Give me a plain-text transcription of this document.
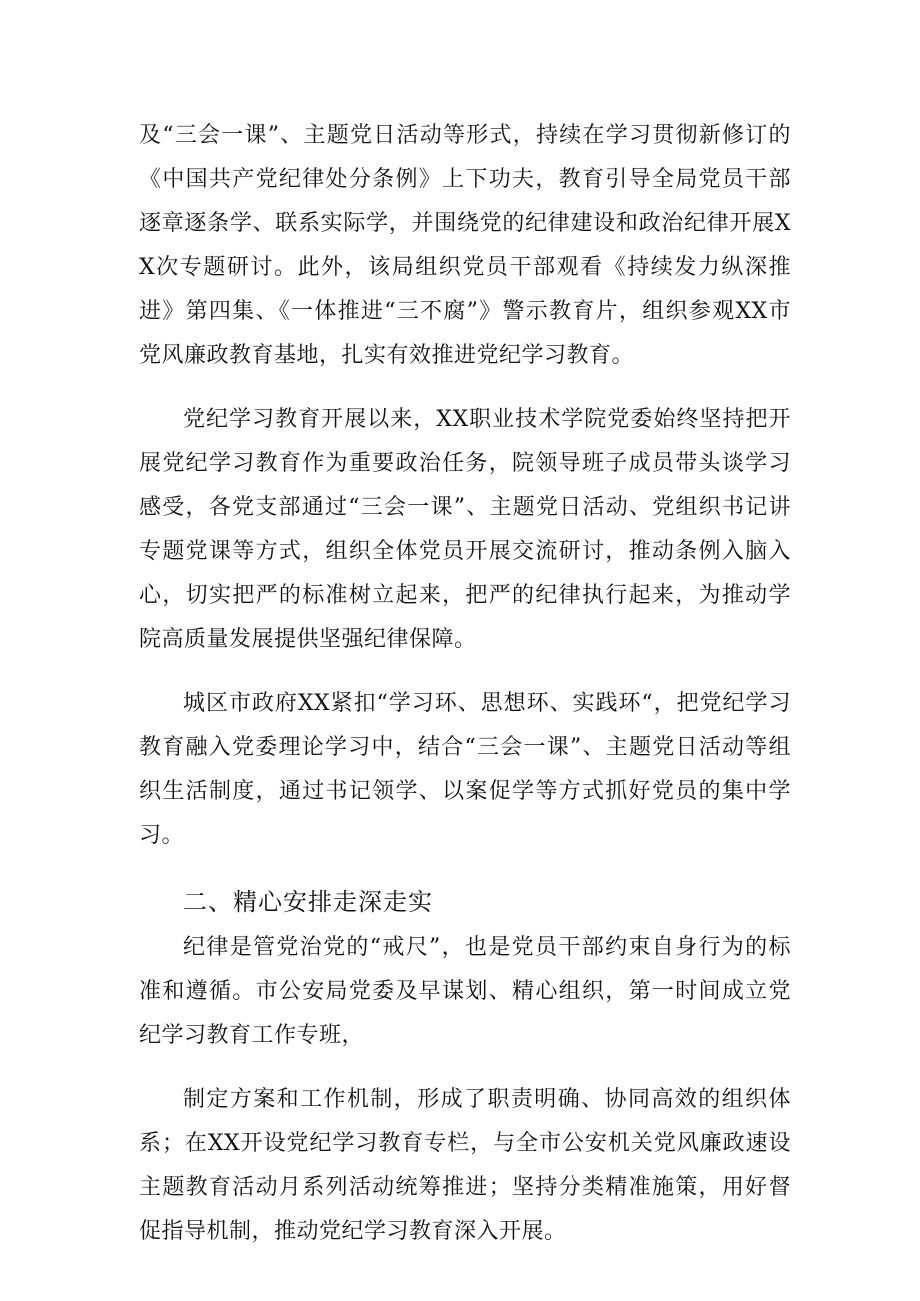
及“三会一课”、主题党日活动等形式，持续在学习贯彻新修订的《中国共产党纪律处分条例》上下功夫，教育引导全局党员干部逐章逐条学、联系实际学，并围绕党的纪律建设和政治纪律开展XX次专题研讨。此外，该局组织党员干部观看《持续发力纵深推进》第四集、《一体推进“三不腐”》警示教育片，组织参观XX市党风廉政教育基地，扎实有效推进党纪学习教育。

党纪学习教育开展以来，XX职业技术学院党委始终坚持把开展党纪学习教育作为重要政治任务，院领导班子成员带头谈学习感受，各党支部通过“三会一课”、主题党日活动、党组织书记讲专题党课等方式，组织全体党员开展交流研讨，推动条例入脑入心，切实把严的标准树立起来，把严的纪律执行起来，为推动学院高质量发展提供坚强纪律保障。

城区市政府XX紧扣“学习环、思想环、实践环“，把党纪学习教育融入党委理论学习中，结合“三会一课”、主题党日活动等组织生活制度，通过书记领学、以案促学等方式抓好党员的集中学习。

二、精心安排走深走实

纪律是管党治党的“戒尺”，也是党员干部约束自身行为的标准和遵循。市公安局党委及早谋划、精心组织，第一时间成立党纪学习教育工作专班，

制定方案和工作机制，形成了职责明确、协同高效的组织体系；在XX开设党纪学习教育专栏，与全市公安机关党风廉政速设主题教育活动月系列活动统筹推进；坚持分类精准施策，用好督促指导机制，推动党纪学习教育深入开展。
